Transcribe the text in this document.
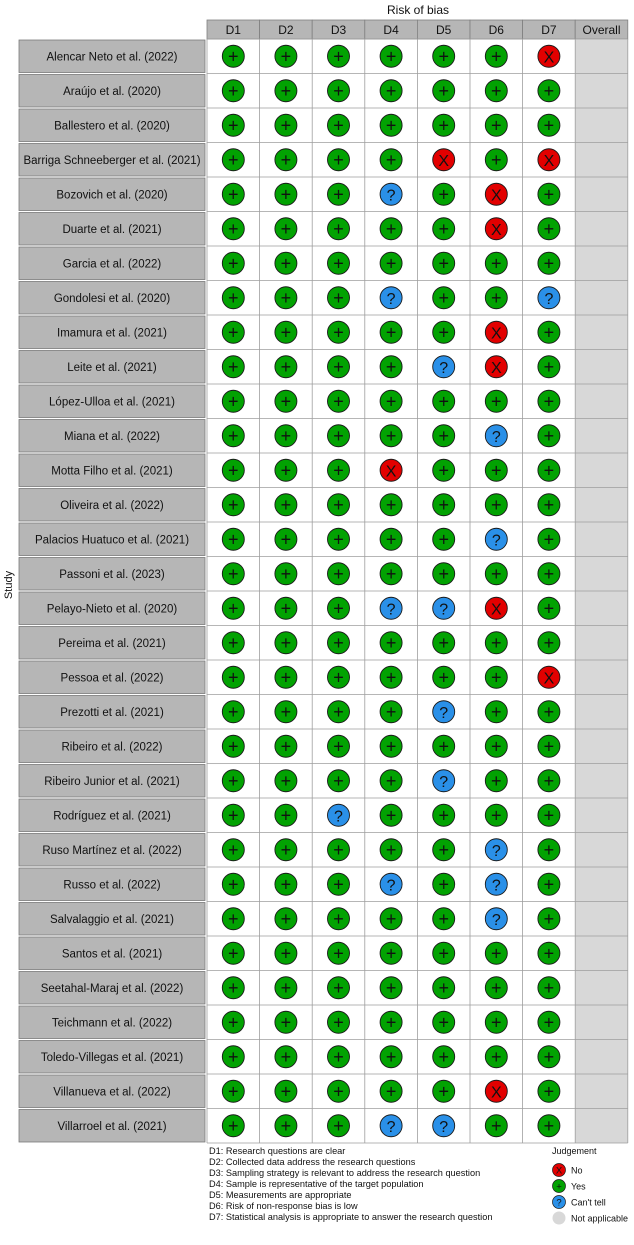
Risk of bias
Study
D1	D2	D3	D4	D5	D6	D7 Overall
Alencar Neto et al. (2022)	+ + + + + +	X
Araújo et al. (2020)	+ + + + + + +
Ballestero et al. (2020)	+ + + + + + +
Barriga Schneeberger et al. (2021) + + + +	X +	X
Bozovich et al. (2020)	+ + +	? +	X +
Duarte et al. (2021)	+ + + + +	X +
Garcia et al. (2022)	+ + + + + + +
Gondolesi et al. (2020)	+ + +	? + +	?
Imamura et al. (2021)	+ + + + +	X +
Leite et al. (2021)	+ + + +	?	X +
López-Ulloa et al. (2021)	+ + + + + + +
Miana et al. (2022)	+ + + + +	? +
Motta Filho et al. (2021)	+ + +	X + + +
Oliveira et al. (2022)	+ + + + + + +
Palacios Huatuco et al. (2021) + + + + +	? +
Passoni et al. (2023)	+ + + + + + +
Pelayo-Nieto et al. (2020)	+ + +	?	?	X +
Pereima et al. (2021)	+ + + + + + +
Pessoa et al. (2022)	+ + + + + +	X
Prezotti et al. (2021)	+ + + +	? + +
Ribeiro et al. (2022)	+ + + + + + +
Ribeiro Junior et al. (2021)	+ + + +	? + +
Rodríguez et al. (2021)	+ +	? + + + +
Ruso Martínez et al. (2022)	+ + + + +	? +
Russo et al. (2022)	+ + +	? +	? +
Salvalaggio et al. (2021)	+ + + + +	? +
Santos et al. (2021)	+ + + + + + +
Seetahal-Maraj et al. (2022) + + + + + + +
Teichmann et al. (2022)	+ + + + + + +
Toledo-Villegas et al. (2021) + + + + + + +
Villanueva et al. (2022)	+ + + + +	X +
Villarroel et al. (2021)	+ + +	?	? + +
D1: Research questions are clear
D2: Collected data address the research questions
D3: Sampling strategy is relevant to address the research question
D4: Sample is representative of the target population
D5: Measurements are appropriate
D6: Risk of non-response bias is low
D7: Statistical analysis is appropriate to answer the research question
Judgement
X No
+ Yes
? Can't tell
Not applicable
